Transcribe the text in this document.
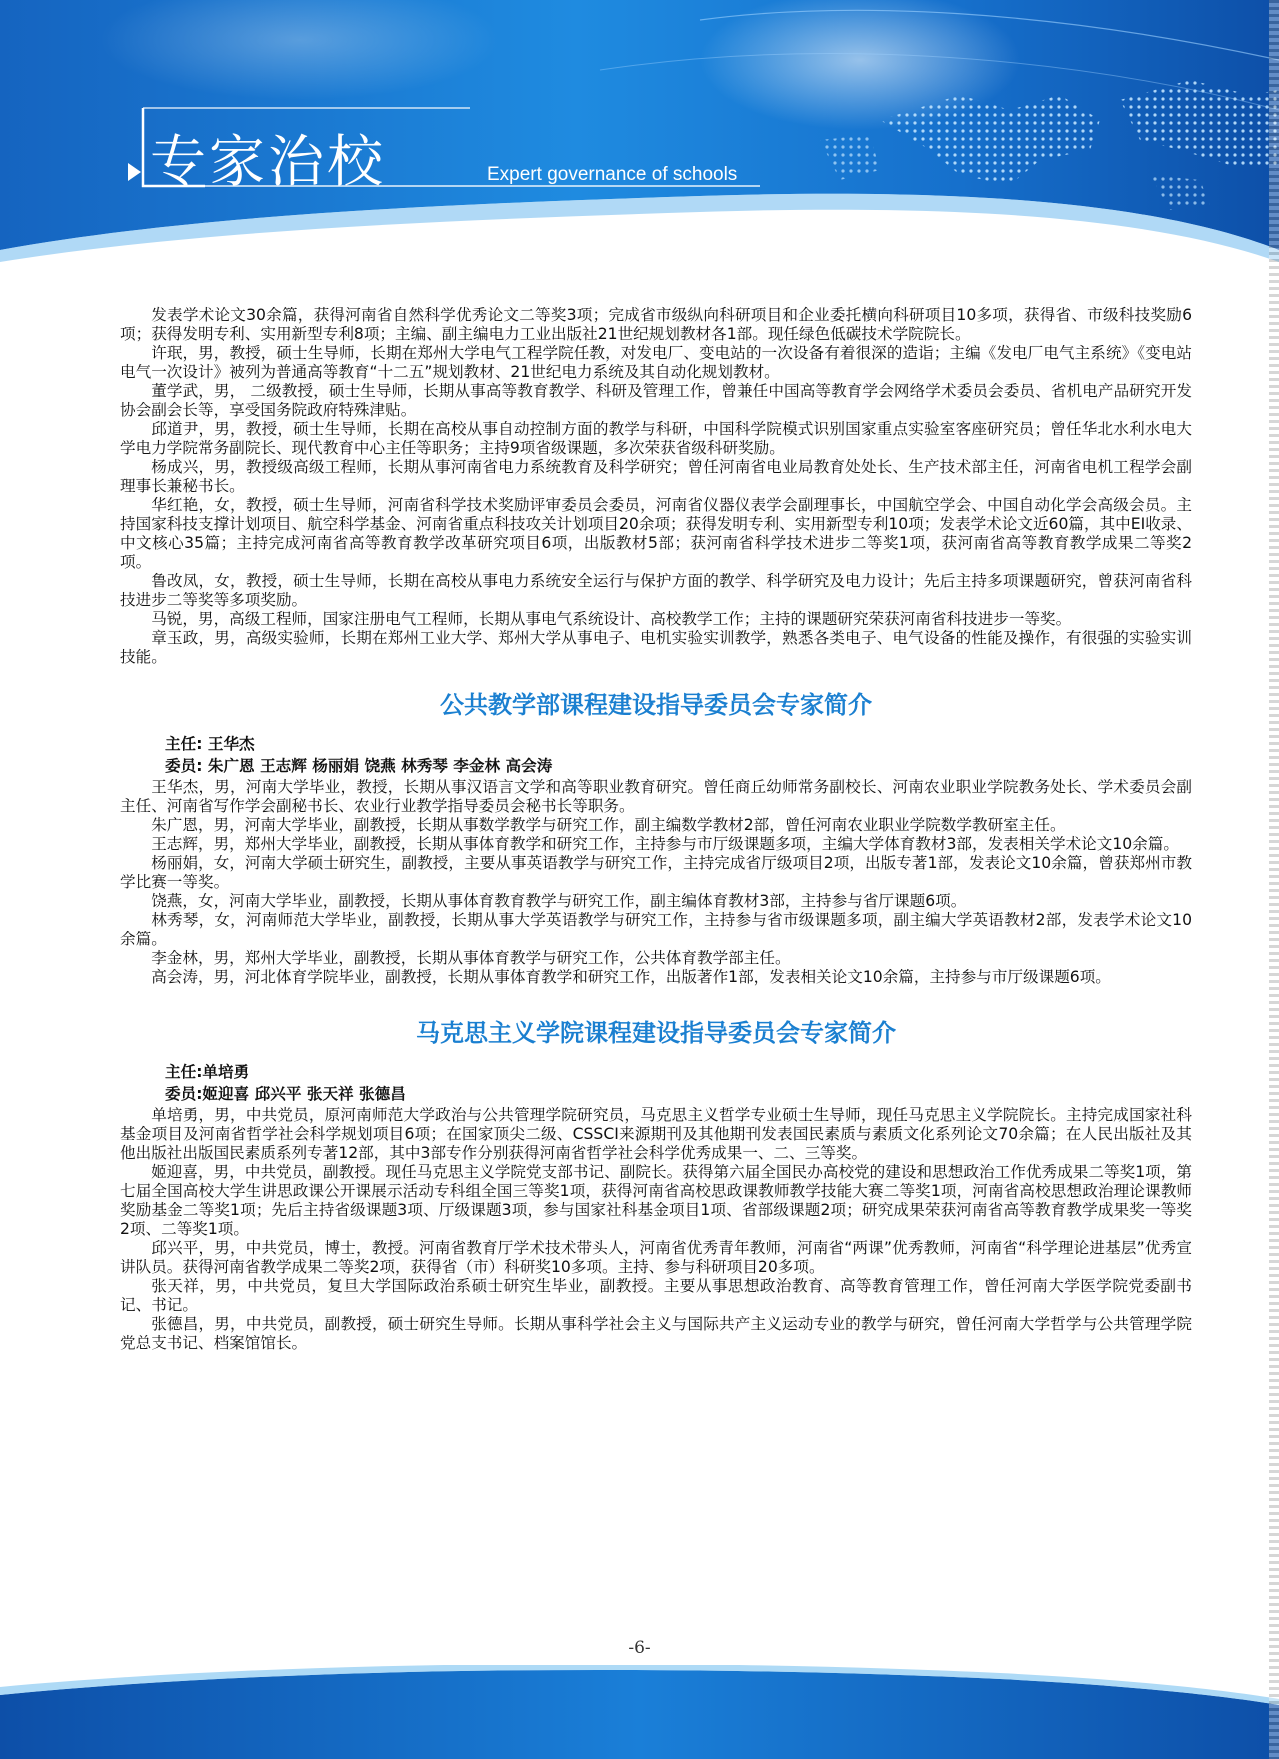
专家治校	Expert governance of schools

发表学术论文30余篇，获得河南省自然科学优秀论文二等奖3项；完成省市级纵向科研项目和企业委托横向科研项目10多项，获得省、市级科技奖励6项；获得发明专利、实用新型专利8项；主编、副主编电力工业出版社21世纪规划教材各1部。现任绿色低碳技术学院院长。

许珉，男，教授，硕士生导师，长期在郑州大学电气工程学院任教，对发电厂、变电站的一次设备有着很深的造诣；主编《发电厂电气主系统》《变电站电气一次设计》被列为普通高等教育“十二五”规划教材、21世纪电力系统及其自动化规划教材。

董学武，男， 二级教授，硕士生导师，长期从事高等教育教学、科研及管理工作，曾兼任中国高等教育学会网络学术委员会委员、省机电产品研究开发协会副会长等，享受国务院政府特殊津贴。

邱道尹，男，教授，硕士生导师，长期在高校从事自动控制方面的教学与科研，中国科学院模式识别国家重点实验室客座研究员；曾任华北水利水电大学电力学院常务副院长、现代教育中心主任等职务；主持9项省级课题，多次荣获省级科研奖励。

杨成兴，男，教授级高级工程师，长期从事河南省电力系统教育及科学研究；曾任河南省电业局教育处处长、生产技术部主任，河南省电机工程学会副理事长兼秘书长。

华红艳，女，教授，硕士生导师，河南省科学技术奖励评审委员会委员，河南省仪器仪表学会副理事长，中国航空学会、中国自动化学会高级会员。主持国家科技支撑计划项目、航空科学基金、河南省重点科技攻关计划项目20余项；获得发明专利、实用新型专利10项；发表学术论文近60篇，其中EI收录、中文核心35篇；主持完成河南省高等教育教学改革研究项目6项，出版教材5部；获河南省科学技术进步二等奖1项，获河南省高等教育教学成果二等奖2项。

鲁改凤，女，教授，硕士生导师，长期在高校从事电力系统安全运行与保护方面的教学、科学研究及电力设计；先后主持多项课题研究，曾获河南省科技进步二等奖等多项奖励。

马锐，男，高级工程师，国家注册电气工程师，长期从事电气系统设计、高校教学工作；主持的课题研究荣获河南省科技进步一等奖。

章玉政，男，高级实验师，长期在郑州工业大学、郑州大学从事电子、电机实验实训教学，熟悉各类电子、电气设备的性能及操作，有很强的实验实训技能。

公共教学部课程建设指导委员会专家简介
主任: 王华杰
委员: 朱广恩 王志辉 杨丽娟 饶燕 林秀琴 李金林 高会涛

王华杰，男，河南大学毕业，教授，长期从事汉语言文学和高等职业教育研究。曾任商丘幼师常务副校长、河南农业职业学院教务处长、学术委员会副主任、河南省写作学会副秘书长、农业行业教学指导委员会秘书长等职务。

朱广恩，男，河南大学毕业，副教授，长期从事数学教学与研究工作，副主编数学教材2部，曾任河南农业职业学院数学教研室主任。

王志辉，男，郑州大学毕业，副教授，长期从事体育教学和研究工作，主持参与市厅级课题多项，主编大学体育教材3部，发表相关学术论文10余篇。

杨丽娟，女，河南大学硕士研究生，副教授，主要从事英语教学与研究工作，主持完成省厅级项目2项，出版专著1部，发表论文10余篇，曾获郑州市教学比赛一等奖。

饶燕，女，河南大学毕业，副教授，长期从事体育教育教学与研究工作，副主编体育教材3部，主持参与省厅课题6项。

林秀琴，女，河南师范大学毕业，副教授，长期从事大学英语教学与研究工作，主持参与省市级课题多项，副主编大学英语教材2部，发表学术论文10余篇。

李金林，男，郑州大学毕业，副教授，长期从事体育教学与研究工作，公共体育教学部主任。

高会涛，男，河北体育学院毕业，副教授，长期从事体育教学和研究工作，出版著作1部，发表相关论文10余篇，主持参与市厅级课题6项。

马克思主义学院课程建设指导委员会专家简介
主任:单培勇
委员:姬迎喜 邱兴平 张天祥 张德昌

单培勇，男，中共党员，原河南师范大学政治与公共管理学院研究员，马克思主义哲学专业硕士生导师，现任马克思主义学院院长。主持完成国家社科基金项目及河南省哲学社会科学规划项目6项；在国家顶尖二级、CSSCI来源期刊及其他期刊发表国民素质与素质文化系列论文70余篇；在人民出版社及其他出版社出版国民素质系列专著12部，其中3部专作分别获得河南省哲学社会科学优秀成果一、二、三等奖。

姬迎喜，男，中共党员，副教授。现任马克思主义学院党支部书记、副院长。获得第六届全国民办高校党的建设和思想政治工作优秀成果二等奖1项，第七届全国高校大学生讲思政课公开课展示活动专科组全国三等奖1项，获得河南省高校思政课教师教学技能大赛二等奖1项，河南省高校思想政治理论课教师奖励基金二等奖1项；先后主持省级课题3项、厅级课题3项，参与国家社科基金项目1项、省部级课题2项；研究成果荣获河南省高等教育教学成果奖一等奖2项、二等奖1项。

邱兴平，男，中共党员，博士，教授。河南省教育厅学术技术带头人，河南省优秀青年教师，河南省“两课”优秀教师，河南省“科学理论进基层”优秀宣讲队员。获得河南省教学成果二等奖2项，获得省（市）科研奖10多项。主持、参与科研项目20多项。

张天祥，男，中共党员，复旦大学国际政治系硕士研究生毕业，副教授。主要从事思想政治教育、高等教育管理工作，曾任河南大学医学院党委副书记、书记。

张德昌，男，中共党员，副教授，硕士研究生导师。长期从事科学社会主义与国际共产主义运动专业的教学与研究，曾任河南大学哲学与公共管理学院党总支书记、档案馆馆长。

-6-
